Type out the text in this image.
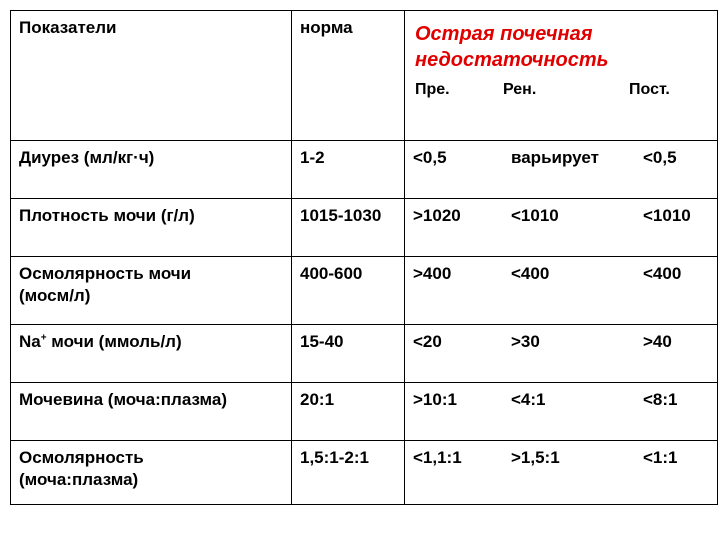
Показатели	норма	Острая почечная
недостаточность
Пре. Рен. Пост.

Диурез (мл/кг·ч)	1-2	<0,5 варьирует <0,5

Плотность мочи (г/л)	1015-1030	>1020 <1010 <1010

Осмолярность мочи
(мосм/л)	400-600	>400 <400 <400

Na+ мочи (ммоль/л)	15-40	<20 >30 >40

Мочевина (моча:плазма)	20:1	>10:1 <4:1 <8:1

Осмолярность
(моча:плазма)	1,5:1-2:1	<1,1:1 >1,5:1 <1:1
